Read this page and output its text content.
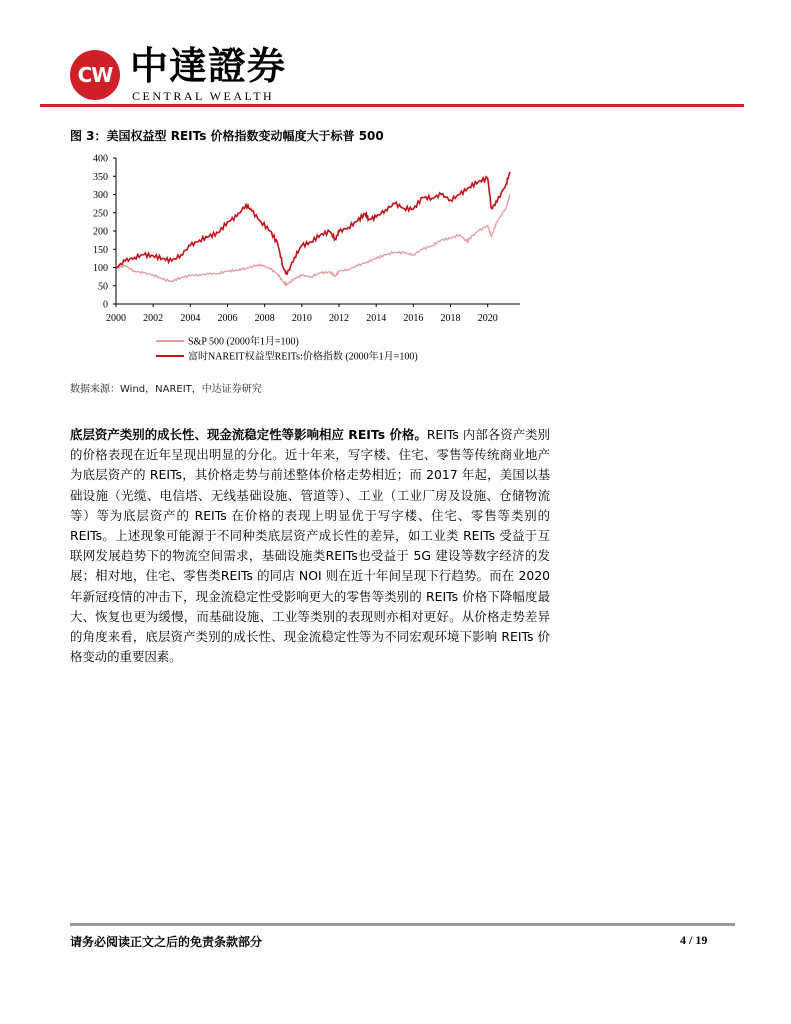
CW 中達證券
CENTRAL WEALTH
图 3：美国权益型 REITs 价格指数变动幅度大于标普 500
0
50
100
150
200
250
300
350
400
2000 2002 2004 2006 2008 2010 2012 2014 2016 2018 2020
S&P 500 (2000年1月=100)
富时NAREIT权益型REITs:价格指数 (2000年1月=100)
数据来源：Wind，NAREIT，中达证券研究
底层资产类别的成长性、现金流稳定性等影响相应 REITs 价格。REITs 内部各资产类别的价格表现在近年呈现出明显的分化。近十年来，写字楼、住宅、零售等传统商业地产为底层资产的 REITs，其价格走势与前述整体价格走势相近；而 2017 年起，美国以基础设施（光缆、电信塔、无线基础设施、管道等）、工业（工业厂房及设施、仓储物流等）等为底层资产的 REITs 在价格的表现上明显优于写字楼、住宅、零售等类别的 REITs。上述现象可能源于不同种类底层资产成长性的差异，如工业类 REITs 受益于互联网发展趋势下的物流空间需求，基础设施类REITs也受益于 5G 建设等数字经济的发展；相对地，住宅、零售类REITs 的同店 NOI 则在近十年间呈现下行趋势。而在 2020 年新冠疫情的冲击下，现金流稳定性受影响更大的零售等类别的 REITs 价格下降幅度最大、恢复也更为缓慢，而基础设施、工业等类别的表现则亦相对更好。从价格走势差异的角度来看，底层资产类别的成长性、现金流稳定性等为不同宏观环境下影响 REITs 价格变动的重要因素。
请务必阅读正文之后的免责条款部分	4 / 19
